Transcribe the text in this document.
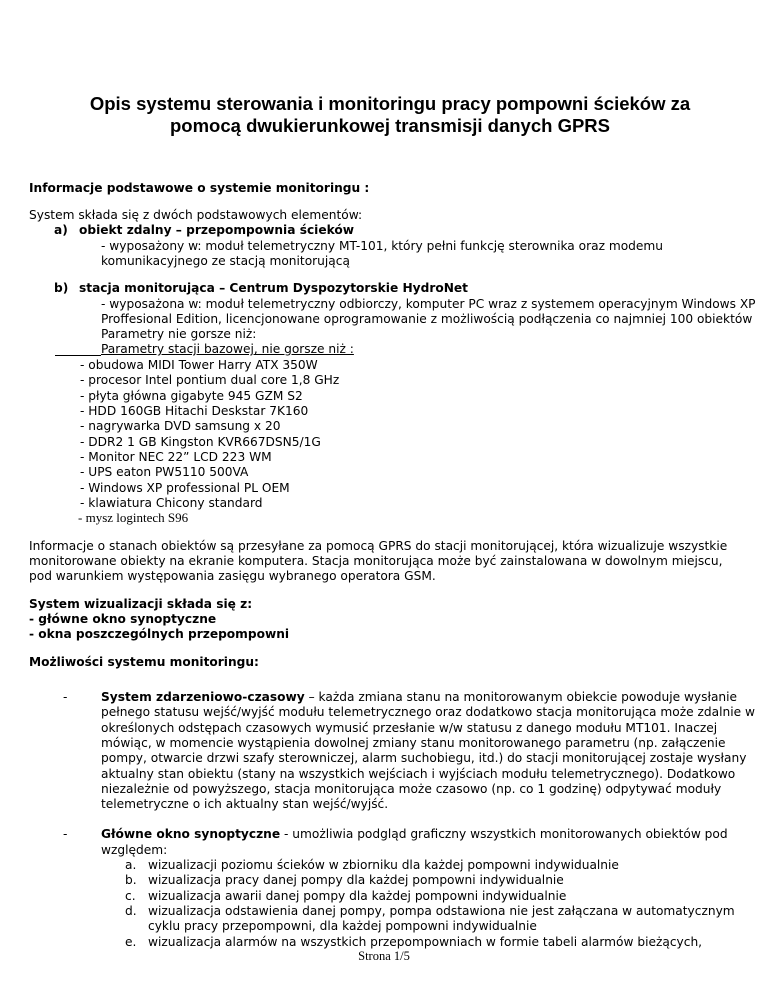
Opis systemu sterowania i monitoringu pracy pompowni ścieków za
pomocą dwukierunkowej transmisji danych GPRS
Informacje podstawowe o systemie monitoringu :
System składa się z dwóch podstawowych elementów:
a) obiekt zdalny – przepompownia ścieków
- wyposażony w: moduł telemetryczny MT-101, który pełni funkcję sterownika oraz modemu
komunikacyjnego ze stacją monitorującą
b) stacja monitorująca – Centrum Dyspozytorskie HydroNet
- wyposażona w: moduł telemetryczny odbiorczy, komputer PC wraz z systemem operacyjnym Windows XP
Proffesional Edition, licencjonowane oprogramowanie z możliwością podłączenia co najmniej 100 obiektów
Parametry nie gorsze niż:
Parametry stacji bazowej, nie gorsze niż :
- obudowa MIDI Tower Harry ATX 350W
- procesor Intel pontium dual core 1,8 GHz
- płyta główna gigabyte 945 GZM S2
- HDD 160GB Hitachi Deskstar 7K160
- nagrywarka DVD samsung x 20
- DDR2 1 GB Kingston KVR667DSN5/1G
- Monitor NEC 22” LCD 223 WM
- UPS eaton PW5110 500VA
- Windows XP professional PL OEM
- klawiatura Chicony standard
- mysz logintech S96
Informacje o stanach obiektów są przesyłane za pomocą GPRS do stacji monitorującej, która wizualizuje wszystkie
monitorowane obiekty na ekranie komputera. Stacja monitorująca może być zainstalowana w dowolnym miejscu,
pod warunkiem występowania zasięgu wybranego operatora GSM.
System wizualizacji składa się z:
- główne okno synoptyczne
- okna poszczególnych przepompowni
Możliwości systemu monitoringu:
-	System zdarzeniowo-czasowy – każda zmiana stanu na monitorowanym obiekcie powoduje wysłanie
pełnego statusu wejść/wyjść modułu telemetrycznego oraz dodatkowo stacja monitorująca może zdalnie w
określonych odstępach czasowych wymusić przesłanie w/w statusu z danego modułu MT101. Inaczej
mówiąc, w momencie wystąpienia dowolnej zmiany stanu monitorowanego parametru (np. załączenie
pompy, otwarcie drzwi szafy sterowniczej, alarm suchobiegu, itd.) do stacji monitorującej zostaje wysłany
aktualny stan obiektu (stany na wszystkich wejściach i wyjściach modułu telemetrycznego). Dodatkowo
niezależnie od powyższego, stacja monitorująca może czasowo (np. co 1 godzinę) odpytywać moduły
telemetryczne o ich aktualny stan wejść/wyjść.
-	Główne okno synoptyczne - umożliwia podgląd graficzny wszystkich monitorowanych obiektów pod
względem:
a. wizualizacji poziomu ścieków w zbiorniku dla każdej pompowni indywidualnie
b. wizualizacja pracy danej pompy dla każdej pompowni indywidualnie
c. wizualizacja awarii danej pompy dla każdej pompowni indywidualnie
d. wizualizacja odstawienia danej pompy, pompa odstawiona nie jest załączana w automatycznym
cyklu pracy przepompowni, dla każdej pompowni indywidualnie
e. wizualizacja alarmów na wszystkich przepompowniach w formie tabeli alarmów bieżących,
Strona 1/5
